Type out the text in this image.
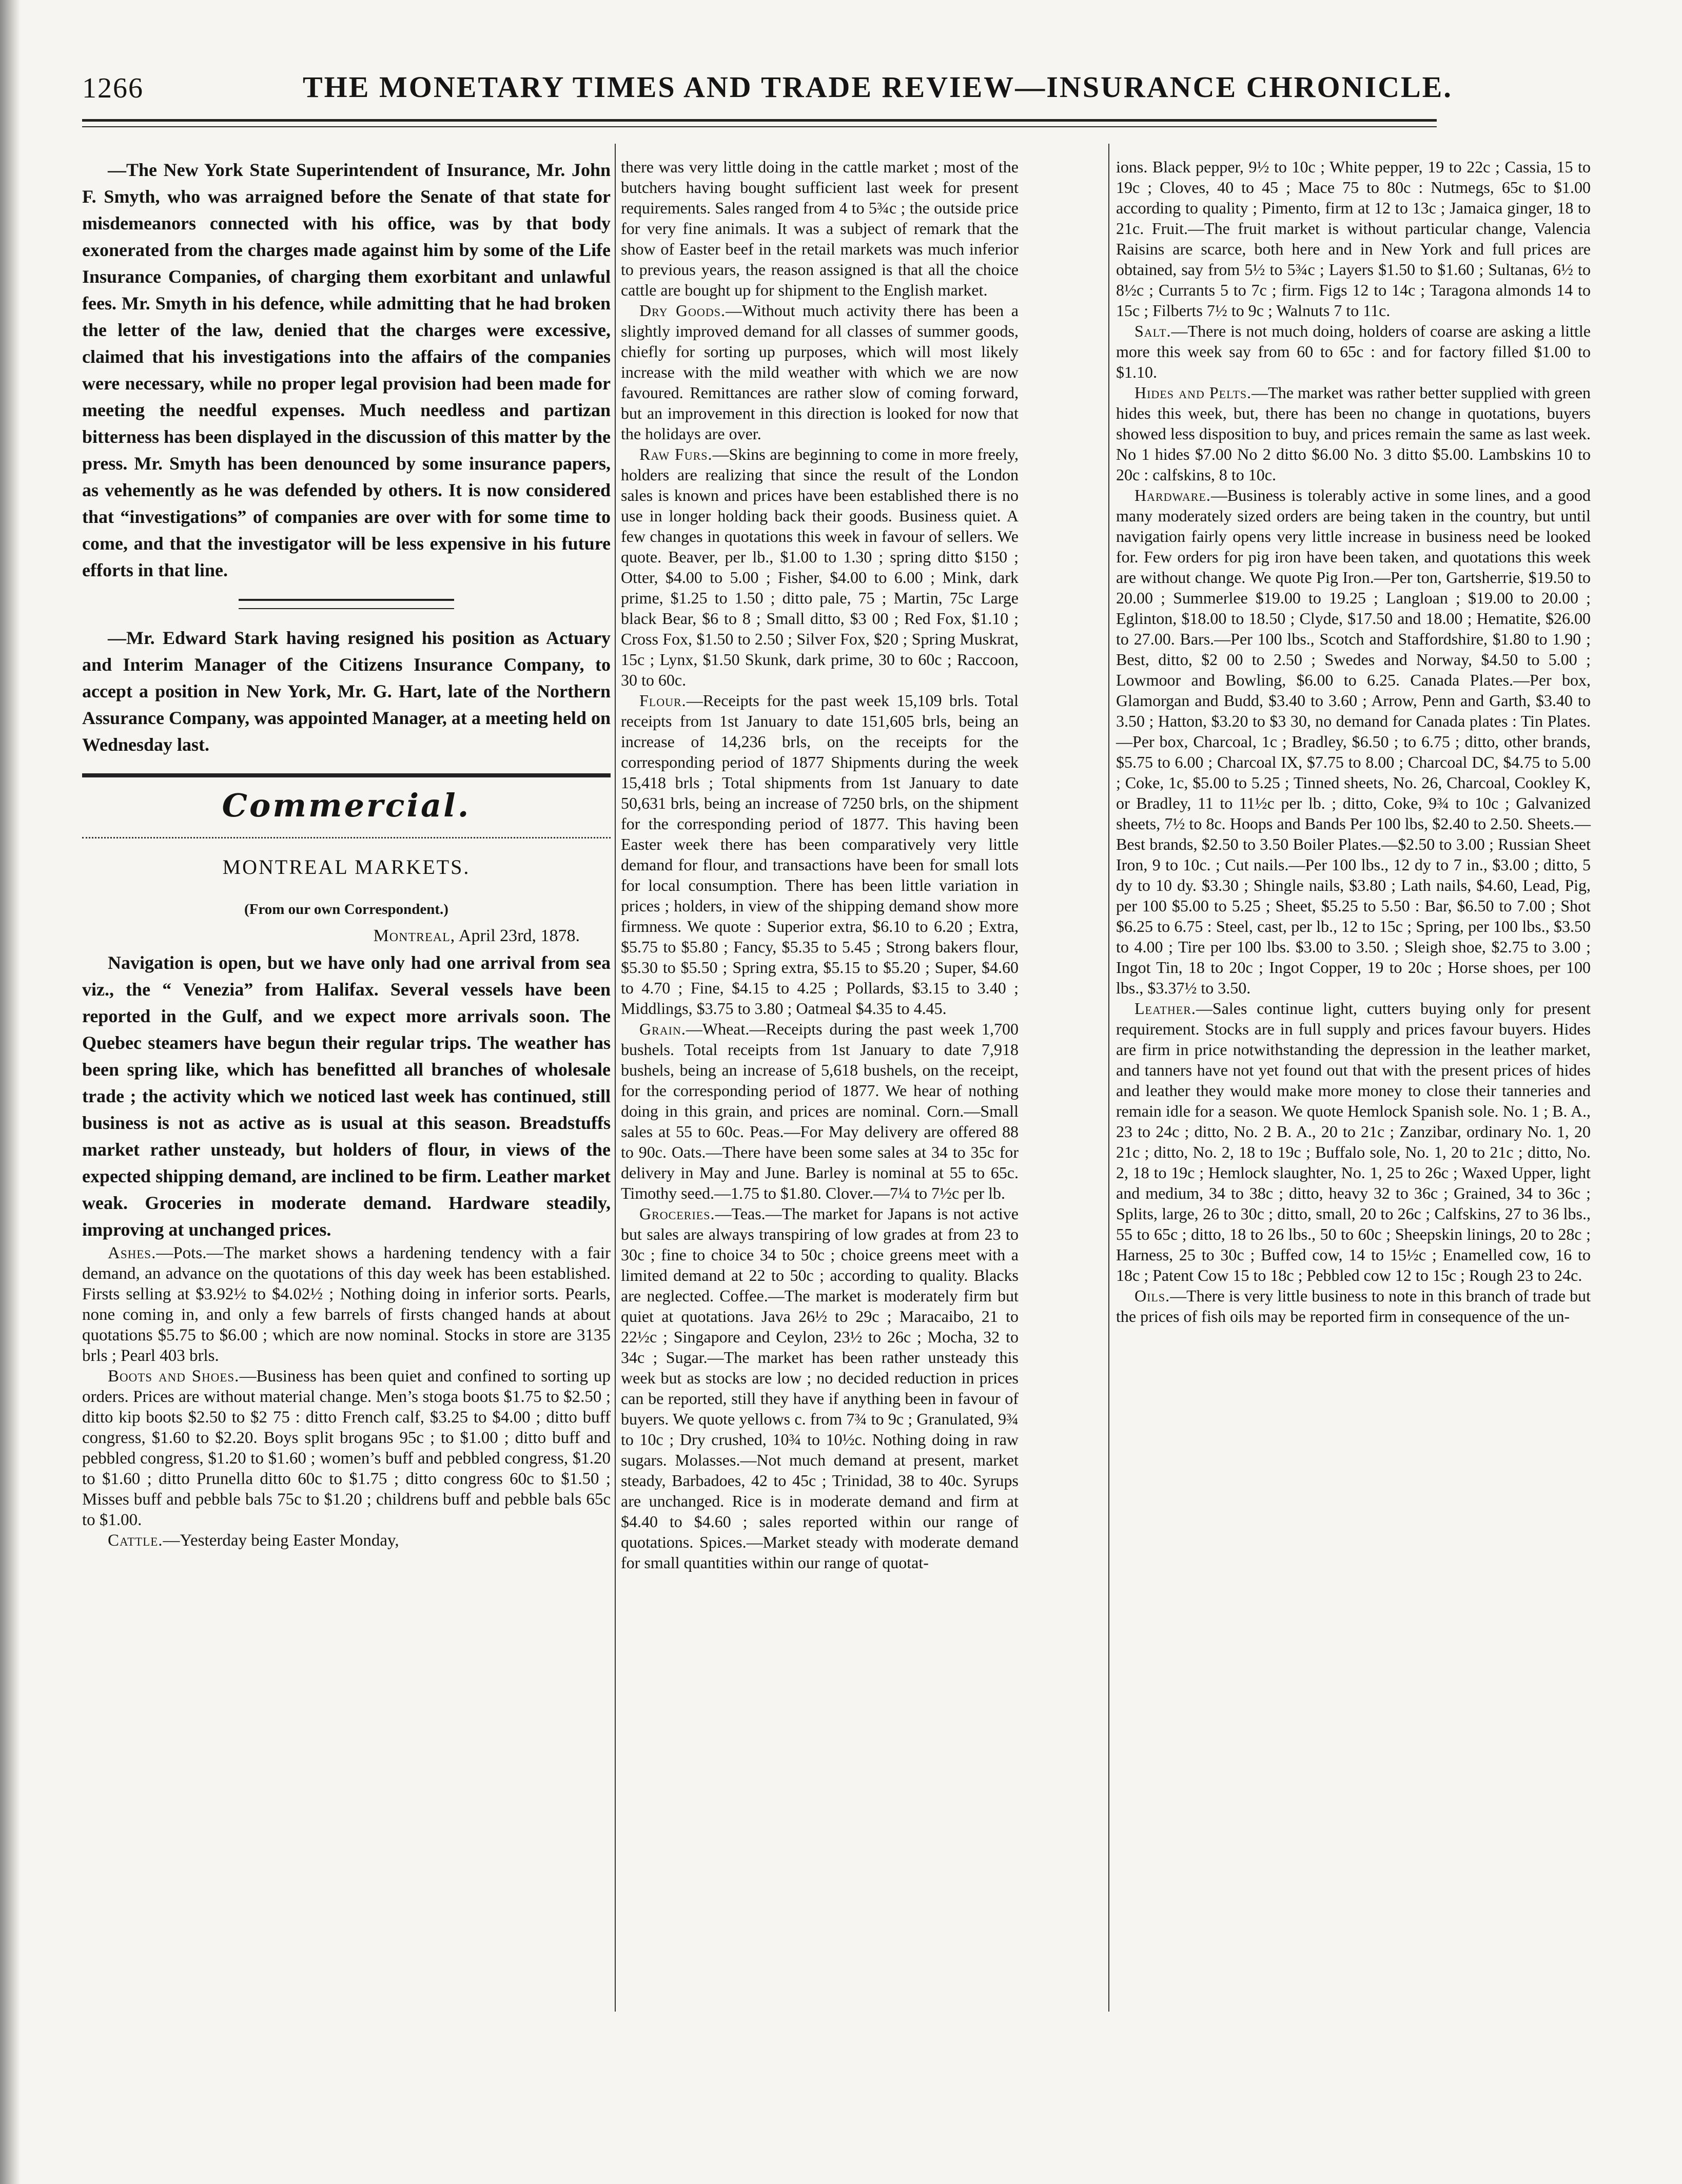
1266	THE MONETARY TIMES AND TRADE REVIEW—INSURANCE CHRONICLE.

—The New York State Superintendent of Insurance, Mr. John F. Smyth, who was arraigned before the Senate of that state for misdemeanors connected with his office, was by that body exonerated from the charges made against him by some of the Life Insurance Companies, of charging them exorbitant and unlawful fees. Mr. Smyth in his defence, while admitting that he had broken the letter of the law, denied that the charges were excessive, claimed that his investigations into the affairs of the companies were necessary, while no proper legal provision had been made for meeting the needful expenses. Much needless and partizan bitterness has been displayed in the discussion of this matter by the press. Mr. Smyth has been denounced by some insurance papers, as vehemently as he was defended by others. It is now considered that “investigations” of companies are over with for some time to come, and that the investigator will be less expensive in his future efforts in that line.

—Mr. Edward Stark having resigned his position as Actuary and Interim Manager of the Citizens Insurance Company, to accept a position in New York, Mr. G. Hart, late of the Northern Assurance Company, was appointed Manager, at a meeting held on Wednesday last.

Commercial.
MONTREAL MARKETS.

(From our own Correspondent.)

Montreal, April 23rd, 1878.

Navigation is open, but we have only had one arrival from sea viz., the “ Venezia” from Halifax. Several vessels have been reported in the Gulf, and we expect more arrivals soon. The Quebec steamers have begun their regular trips. The weather has been spring like, which has benefitted all branches of wholesale trade ; the activity which we noticed last week has continued, still business is not as active as is usual at this season. Breadstuffs market rather unsteady, but holders of flour, in views of the expected shipping demand, are inclined to be firm. Leather market weak. Groceries in moderate demand. Hardware steadily, improving at unchanged prices.

Ashes.—Pots.—The market shows a hardening tendency with a fair demand, an advance on the quotations of this day week has been established. Firsts selling at $3.92½ to $4.02½ ; Nothing doing in inferior sorts. Pearls, none coming in, and only a few barrels of firsts changed hands at about quotations $5.75 to $6.00 ; which are now nominal. Stocks in store are 3135 brls ; Pearl 403 brls.

Boots and Shoes.—Business has been quiet and confined to sorting up orders. Prices are without material change. Men’s stoga boots $1.75 to $2.50 ; ditto kip boots $2.50 to $2 75 : ditto French calf, $3.25 to $4.00 ; ditto buff congress, $1.60 to $2.20. Boys split brogans 95c ; to $1.00 ; ditto buff and pebbled congress, $1.20 to $1.60 ; women’s buff and pebbled congress, $1.20 to $1.60 ; ditto Prunella ditto 60c to $1.75 ; ditto congress 60c to $1.50 ; Misses buff and pebble bals 75c to $1.20 ; childrens buff and pebble bals 65c to $1.00.

Cattle.—Yesterday being Easter Monday,

there was very little doing in the cattle market ; most of the butchers having bought sufficient last week for present requirements. Sales ranged from 4 to 5¾c ; the outside price for very fine animals. It was a subject of remark that the show of Easter beef in the retail markets was much inferior to previous years, the reason assigned is that all the choice cattle are bought up for shipment to the English market.

Dry Goods.—Without much activity there has been a slightly improved demand for all classes of summer goods, chiefly for sorting up purposes, which will most likely increase with the mild weather with which we are now favoured. Remittances are rather slow of coming forward, but an improvement in this direction is looked for now that the holidays are over.

Raw Furs.—Skins are beginning to come in more freely, holders are realizing that since the result of the London sales is known and prices have been established there is no use in longer holding back their goods. Business quiet. A few changes in quotations this week in favour of sellers. We quote. Beaver, per lb., $1.00 to 1.30 ; spring ditto $150 ; Otter, $4.00 to 5.00 ; Fisher, $4.00 to 6.00 ; Mink, dark prime, $1.25 to 1.50 ; ditto pale, 75 ; Martin, 75c Large black Bear, $6 to 8 ; Small ditto, $3 00 ; Red Fox, $1.10 ; Cross Fox, $1.50 to 2.50 ; Silver Fox, $20 ; Spring Muskrat, 15c ; Lynx, $1.50 Skunk, dark prime, 30 to 60c ; Raccoon, 30 to 60c.

Flour.—Receipts for the past week 15,109 brls. Total receipts from 1st January to date 151,605 brls, being an increase of 14,236 brls, on the receipts for the corresponding period of 1877 Shipments during the week 15,418 brls ; Total shipments from 1st January to date 50,631 brls, being an increase of 7250 brls, on the shipment for the corresponding period of 1877. This having been Easter week there has been comparatively very little demand for flour, and transactions have been for small lots for local consumption. There has been little variation in prices ; holders, in view of the shipping demand show more firmness. We quote : Superior extra, $6.10 to 6.20 ; Extra, $5.75 to $5.80 ; Fancy, $5.35 to 5.45 ; Strong bakers flour, $5.30 to $5.50 ; Spring extra, $5.15 to $5.20 ; Super, $4.60 to 4.70 ; Fine, $4.15 to 4.25 ; Pollards, $3.15 to 3.40 ; Middlings, $3.75 to 3.80 ; Oatmeal $4.35 to 4.45.

Grain.—Wheat.—Receipts during the past week 1,700 bushels. Total receipts from 1st January to date 7,918 bushels, being an increase of 5,618 bushels, on the receipt, for the corresponding period of 1877. We hear of nothing doing in this grain, and prices are nominal. Corn.—Small sales at 55 to 60c. Peas.—For May delivery are offered 88 to 90c. Oats.—There have been some sales at 34 to 35c for delivery in May and June. Barley is nominal at 55 to 65c. Timothy seed.—1.75 to $1.80. Clover.—7¼ to 7½c per lb.

Groceries.—Teas.—The market for Japans is not active but sales are always transpiring of low grades at from 23 to 30c ; fine to choice 34 to 50c ; choice greens meet with a limited demand at 22 to 50c ; according to quality. Blacks are neglected. Coffee.—The market is moderately firm but quiet at quotations. Java 26½ to 29c ; Maracaibo, 21 to 22½c ; Singapore and Ceylon, 23½ to 26c ; Mocha, 32 to 34c ; Sugar.—The market has been rather unsteady this week but as stocks are low ; no decided reduction in prices can be reported, still they have if anything been in favour of buyers. We quote yellows c. from 7¾ to 9c ; Granulated, 9¾ to 10c ; Dry crushed, 10¾ to 10½c. Nothing doing in raw sugars. Molasses.—Not much demand at present, market steady, Barbadoes, 42 to 45c ; Trinidad, 38 to 40c. Syrups are unchanged. Rice is in moderate demand and firm at $4.40 to $4.60 ; sales reported within our range of quotations. Spices.—Market steady with moderate demand for small quantities within our range of quotat-

ions. Black pepper, 9½ to 10c ; White pepper, 19 to 22c ; Cassia, 15 to 19c ; Cloves, 40 to 45 ; Mace 75 to 80c : Nutmegs, 65c to $1.00 according to quality ; Pimento, firm at 12 to 13c ; Jamaica ginger, 18 to 21c. Fruit.—The fruit market is without particular change, Valencia Raisins are scarce, both here and in New York and full prices are obtained, say from 5½ to 5¾c ; Layers $1.50 to $1.60 ; Sultanas, 6½ to 8½c ; Currants 5 to 7c ; firm. Figs 12 to 14c ; Taragona almonds 14 to 15c ; Filberts 7½ to 9c ; Walnuts 7 to 11c.

Salt.—There is not much doing, holders of coarse are asking a little more this week say from 60 to 65c : and for factory filled $1.00 to $1.10.

Hides and Pelts.—The market was rather better supplied with green hides this week, but, there has been no change in quotations, buyers showed less disposition to buy, and prices remain the same as last week. No 1 hides $7.00 No 2 ditto $6.00 No. 3 ditto $5.00. Lambskins 10 to 20c : calfskins, 8 to 10c.

Hardware.—Business is tolerably active in some lines, and a good many moderately sized orders are being taken in the country, but until navigation fairly opens very little increase in business need be looked for. Few orders for pig iron have been taken, and quotations this week are without change. We quote Pig Iron.—Per ton, Gartsherrie, $19.50 to 20.00 ; Summerlee $19.00 to 19.25 ; Langloan ; $19.00 to 20.00 ; Eglinton, $18.00 to 18.50 ; Clyde, $17.50 and 18.00 ; Hematite, $26.00 to 27.00. Bars.—Per 100 lbs., Scotch and Staffordshire, $1.80 to 1.90 ; Best, ditto, $2 00 to 2.50 ; Swedes and Norway, $4.50 to 5.00 ; Lowmoor and Bowling, $6.00 to 6.25. Canada Plates.—Per box, Glamorgan and Budd, $3.40 to 3.60 ; Arrow, Penn and Garth, $3.40 to 3.50 ; Hatton, $3.20 to $3 30, no demand for Canada plates : Tin Plates.—Per box, Charcoal, 1c ; Bradley, $6.50 ; to 6.75 ; ditto, other brands, $5.75 to 6.00 ; Charcoal IX, $7.75 to 8.00 ; Charcoal DC, $4.75 to 5.00 ; Coke, 1c, $5.00 to 5.25 ; Tinned sheets, No. 26, Charcoal, Cookley K, or Bradley, 11 to 11½c per lb. ; ditto, Coke, 9¾ to 10c ; Galvanized sheets, 7½ to 8c. Hoops and Bands Per 100 lbs, $2.40 to 2.50. Sheets.—Best brands, $2.50 to 3.50 Boiler Plates.—$2.50 to 3.00 ; Russian Sheet Iron, 9 to 10c. ; Cut nails.—Per 100 lbs., 12 dy to 7 in., $3.00 ; ditto, 5 dy to 10 dy. $3.30 ; Shingle nails, $3.80 ; Lath nails, $4.60, Lead, Pig, per 100 $5.00 to 5.25 ; Sheet, $5.25 to 5.50 : Bar, $6.50 to 7.00 ; Shot $6.25 to 6.75 : Steel, cast, per lb., 12 to 15c ; Spring, per 100 lbs., $3.50 to 4.00 ; Tire per 100 lbs. $3.00 to 3.50. ; Sleigh shoe, $2.75 to 3.00 ; Ingot Tin, 18 to 20c ; Ingot Copper, 19 to 20c ; Horse shoes, per 100 lbs., $3.37½ to 3.50.

Leather.—Sales continue light, cutters buying only for present requirement. Stocks are in full supply and prices favour buyers. Hides are firm in price notwithstanding the depression in the leather market, and tanners have not yet found out that with the present prices of hides and leather they would make more money to close their tanneries and remain idle for a season. We quote Hemlock Spanish sole. No. 1 ; B. A., 23 to 24c ; ditto, No. 2 B. A., 20 to 21c ; Zanzibar, ordinary No. 1, 20 21c ; ditto, No. 2, 18 to 19c ; Buffalo sole, No. 1, 20 to 21c ; ditto, No. 2, 18 to 19c ; Hemlock slaughter, No. 1, 25 to 26c ; Waxed Upper, light and medium, 34 to 38c ; ditto, heavy 32 to 36c ; Grained, 34 to 36c ; Splits, large, 26 to 30c ; ditto, small, 20 to 26c ; Calfskins, 27 to 36 lbs., 55 to 65c ; ditto, 18 to 26 lbs., 50 to 60c ; Sheepskin linings, 20 to 28c ; Harness, 25 to 30c ; Buffed cow, 14 to 15½c ; Enamelled cow, 16 to 18c ; Patent Cow 15 to 18c ; Pebbled cow 12 to 15c ; Rough 23 to 24c.

Oils.—There is very little business to note in this branch of trade but the prices of fish oils may be reported firm in consequence of the un-
